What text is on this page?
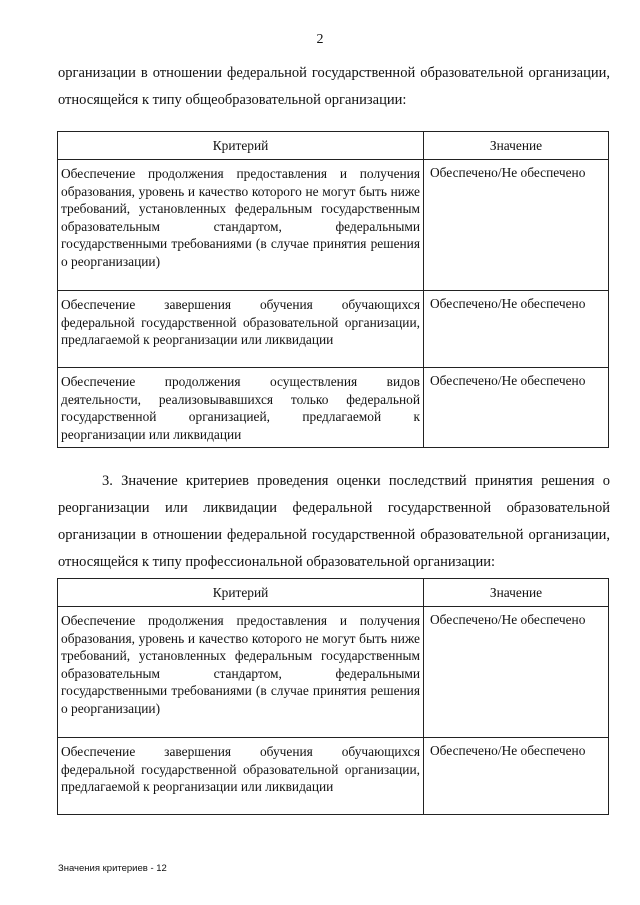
2

организации в отношении федеральной государственной образовательной организации, относящейся к типу общеобразовательной организации:

Критерий	Значение
Обеспечение продолжения предоставления и получения образования, уровень и качество которого не могут быть ниже требований, установленных федеральным государственным образовательным стандартом, федеральными государственными требованиями (в случае принятия решения о реорганизации)	Обеспечено/Не обеспечено
Обеспечение завершения обучения обучающихся федеральной государственной образовательной организации, предлагаемой к реорганизации или ликвидации	Обеспечено/Не обеспечено
Обеспечение продолжения осуществления видов деятельности, реализовывавшихся только федеральной государственной организацией, предлагаемой к реорганизации или ликвидации	Обеспечено/Не обеспечено

3. Значение критериев проведения оценки последствий принятия решения о реорганизации или ликвидации федеральной государственной образовательной организации в отношении федеральной государственной образовательной организации, относящейся к типу профессиональной образовательной организации:

Критерий	Значение
Обеспечение продолжения предоставления и получения образования, уровень и качество которого не могут быть ниже требований, установленных федеральным государственным образовательным стандартом, федеральными государственными требованиями (в случае принятия решения о реорганизации)	Обеспечено/Не обеспечено
Обеспечение завершения обучения обучающихся федеральной государственной образовательной организации, предлагаемой к реорганизации или ликвидации	Обеспечено/Не обеспечено
Значения критериев - 12
